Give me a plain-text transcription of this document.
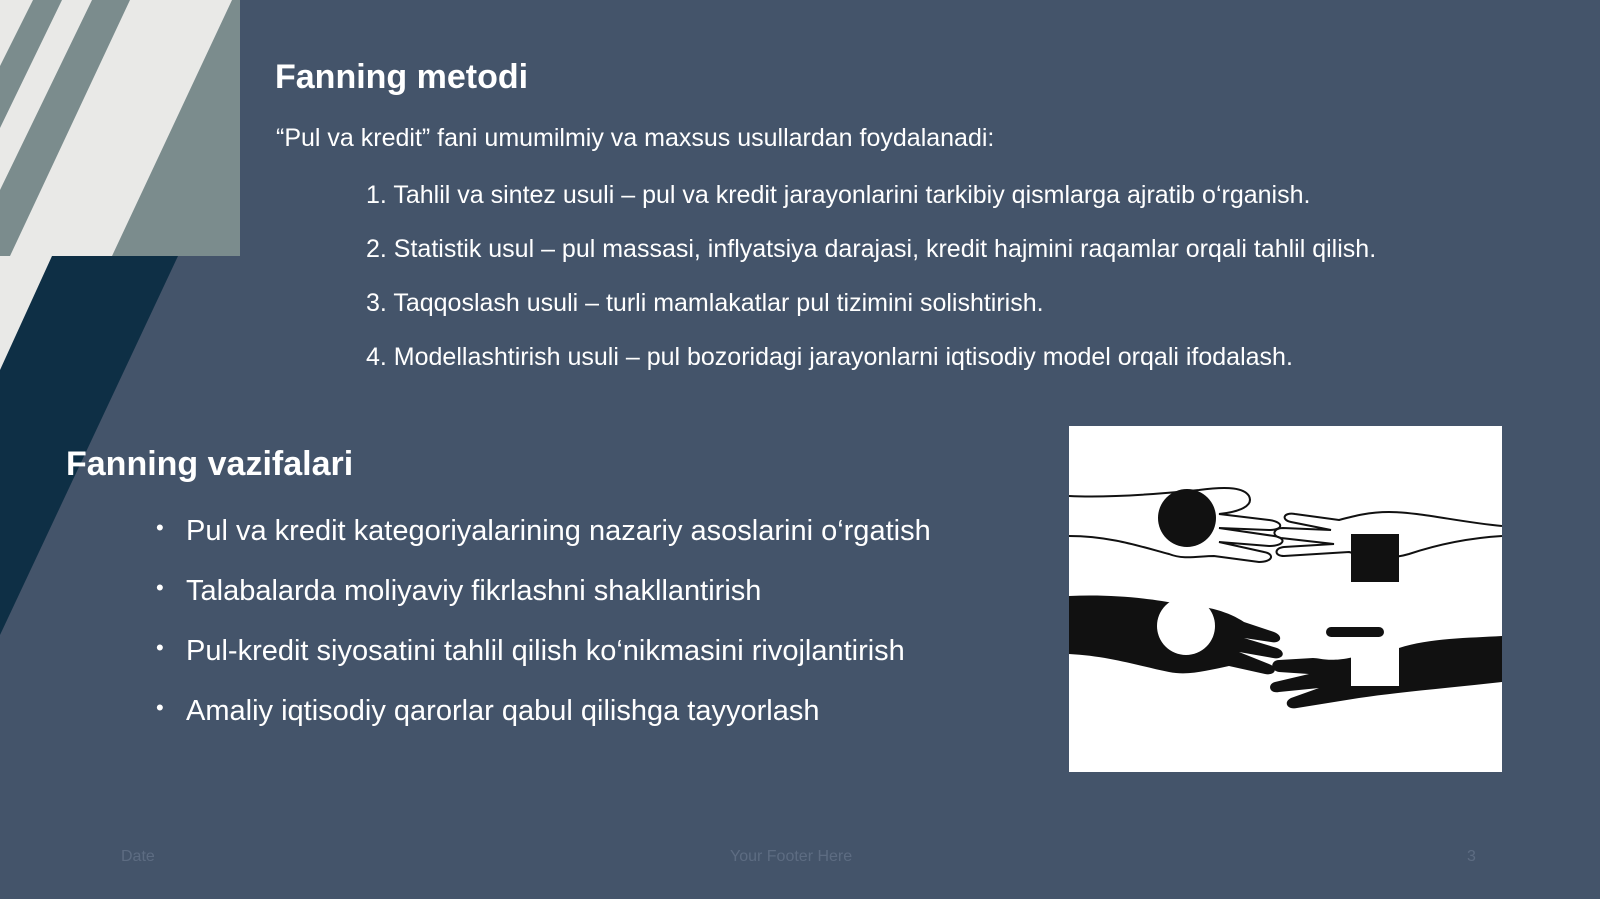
Fanning metodi

“Pul va kredit” fani umumilmiy va maxsus usullardan foydalanadi:

1. Tahlil va sintez usuli – pul va kredit jarayonlarini tarkibiy qismlarga ajratib o‘rganish.
2. Statistik usul – pul massasi, inflyatsiya darajasi, kredit hajmini raqamlar orqali tahlil qilish.
3. Taqqoslash usuli – turli mamlakatlar pul tizimini solishtirish.
4. Modellashtirish usuli – pul bozoridagi jarayonlarni iqtisodiy model orqali ifodalash.
Fanning vazifalari
• Pul va kredit kategoriyalarining nazariy asoslarini o‘rgatish
• Talabalarda moliyaviy fikrlashni shakllantirish
• Pul-kredit siyosatini tahlil qilish ko‘nikmasini rivojlantirish
• Amaliy iqtisodiy qarorlar qabul qilishga tayyorlash

Date	Your Footer Here	3
